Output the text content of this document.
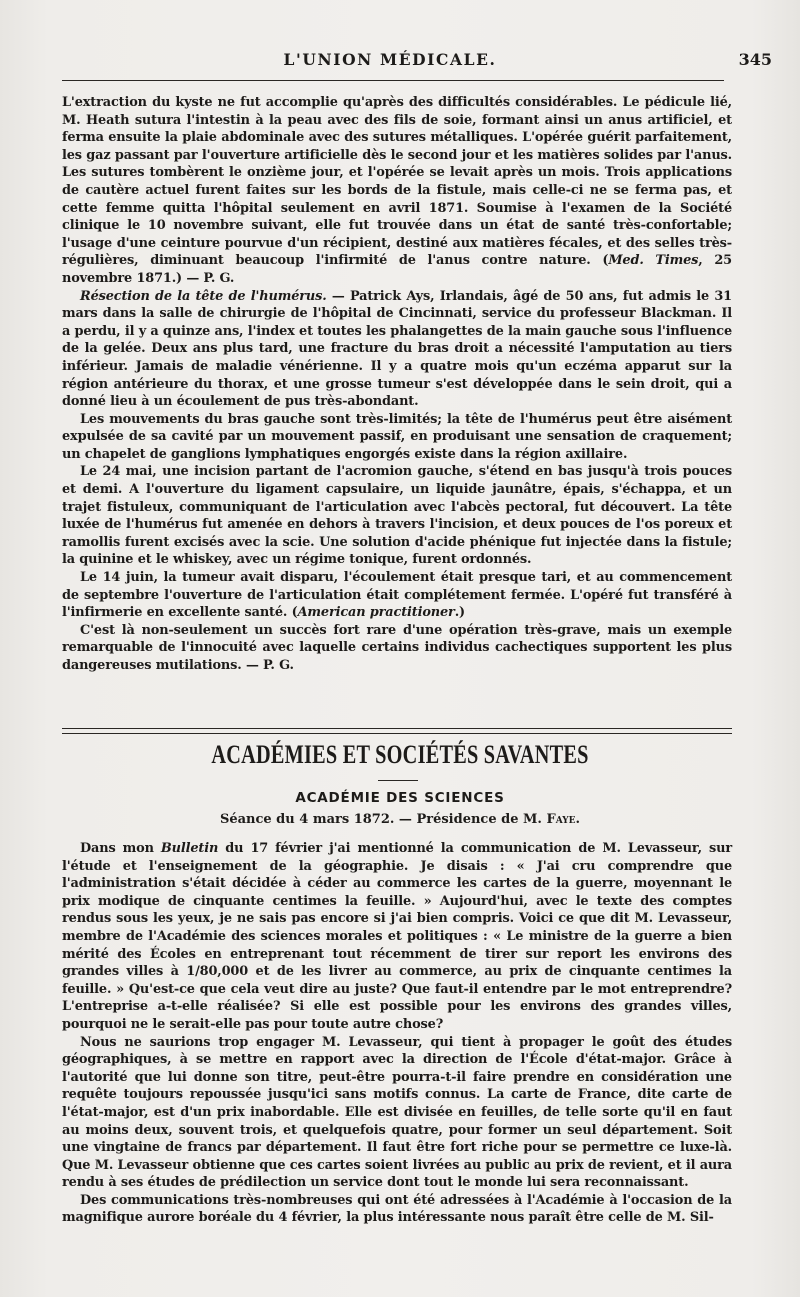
L'UNION MÉDICALE.	345

L'extraction du kyste ne fut accomplie qu'après des difficultés considérables. Le pédicule lié, M. Heath sutura l'intestin à la peau avec des fils de soie, formant ainsi un anus artificiel, et ferma ensuite la plaie abdominale avec des sutures métalliques. L'opérée guérit parfaitement, les gaz passant par l'ouverture artificielle dès le second jour et les matières solides par l'anus. Les sutures tombèrent le onzième jour, et l'opérée se levait après un mois. Trois applications de cautère actuel furent faites sur les bords de la fistule, mais celle-ci ne se ferma pas, et cette femme quitta l'hôpital seulement en avril 1871. Soumise à l'examen de la Société clinique le 10 novembre suivant, elle fut trouvée dans un état de santé très-confortable; l'usage d'une ceinture pourvue d'un récipient, destiné aux matières fécales, et des selles très-régulières, diminuant beaucoup l'infirmité de l'anus contre nature. (Med. Times, 25 novembre 1871.) — P. G.

Résection de la tête de l'humérus. — Patrick Ays, Irlandais, âgé de 50 ans, fut admis le 31 mars dans la salle de chirurgie de l'hôpital de Cincinnati, service du professeur Blackman. Il a perdu, il y a quinze ans, l'index et toutes les phalangettes de la main gauche sous l'influence de la gelée. Deux ans plus tard, une fracture du bras droit a nécessité l'amputation au tiers inférieur. Jamais de maladie vénérienne. Il y a quatre mois qu'un eczéma apparut sur la région antérieure du thorax, et une grosse tumeur s'est développée dans le sein droit, qui a donné lieu à un écoulement de pus très-abondant.

Les mouvements du bras gauche sont très-limités; la tête de l'humérus peut être aisément expulsée de sa cavité par un mouvement passif, en produisant une sensation de craquement; un chapelet de ganglions lymphatiques engorgés existe dans la région axillaire.

Le 24 mai, une incision partant de l'acromion gauche, s'étend en bas jusqu'à trois pouces et demi. A l'ouverture du ligament capsulaire, un liquide jaunâtre, épais, s'échappa, et un trajet fistuleux, communiquant de l'articulation avec l'abcès pectoral, fut découvert. La tête luxée de l'humérus fut amenée en dehors à travers l'incision, et deux pouces de l'os poreux et ramollis furent excisés avec la scie. Une solution d'acide phénique fut injectée dans la fistule; la quinine et le whiskey, avec un régime tonique, furent ordonnés.

Le 14 juin, la tumeur avait disparu, l'écoulement était presque tari, et au commencement de septembre l'ouverture de l'articulation était complétement fermée. L'opéré fut transféré à l'infirmerie en excellente santé. (American practitioner.)

C'est là non-seulement un succès fort rare d'une opération très-grave, mais un exemple remarquable de l'innocuité avec laquelle certains individus cachectiques supportent les plus dangereuses mutilations. — P. G.

ACADÉMIES ET SOCIÉTÉS SAVANTES
ACADÉMIE DES SCIENCES
Séance du 4 mars 1872. — Présidence de M. Faye.

Dans mon Bulletin du 17 février j'ai mentionné la communication de M. Levasseur, sur l'étude et l'enseignement de la géographie. Je disais : « J'ai cru comprendre que l'administration s'était décidée à céder au commerce les cartes de la guerre, moyennant le prix modique de cinquante centimes la feuille. » Aujourd'hui, avec le texte des comptes rendus sous les yeux, je ne sais pas encore si j'ai bien compris. Voici ce que dit M. Levasseur, membre de l'Académie des sciences morales et politiques : « Le ministre de la guerre a bien mérité des Écoles en entreprenant tout récemment de tirer sur report les environs des grandes villes à 1/80,000 et de les livrer au commerce, au prix de cinquante centimes la feuille. » Qu'est-ce que cela veut dire au juste? Que faut-il entendre par le mot entreprendre? L'entreprise a-t-elle réalisée? Si elle est possible pour les environs des grandes villes, pourquoi ne le serait-elle pas pour toute autre chose?

Nous ne saurions trop engager M. Levasseur, qui tient à propager le goût des études géographiques, à se mettre en rapport avec la direction de l'École d'état-major. Grâce à l'autorité que lui donne son titre, peut-être pourra-t-il faire prendre en considération une requête toujours repoussée jusqu'ici sans motifs connus. La carte de France, dite carte de l'état-major, est d'un prix inabordable. Elle est divisée en feuilles, de telle sorte qu'il en faut au moins deux, souvent trois, et quelquefois quatre, pour former un seul département. Soit une vingtaine de francs par département. Il faut être fort riche pour se permettre ce luxe-là. Que M. Levasseur obtienne que ces cartes soient livrées au public au prix de revient, et il aura rendu à ses études de prédilection un service dont tout le monde lui sera reconnaissant.

Des communications très-nombreuses qui ont été adressées à l'Académie à l'occasion de la magnifique aurore boréale du 4 février, la plus intéressante nous paraît être celle de M. Sil-
